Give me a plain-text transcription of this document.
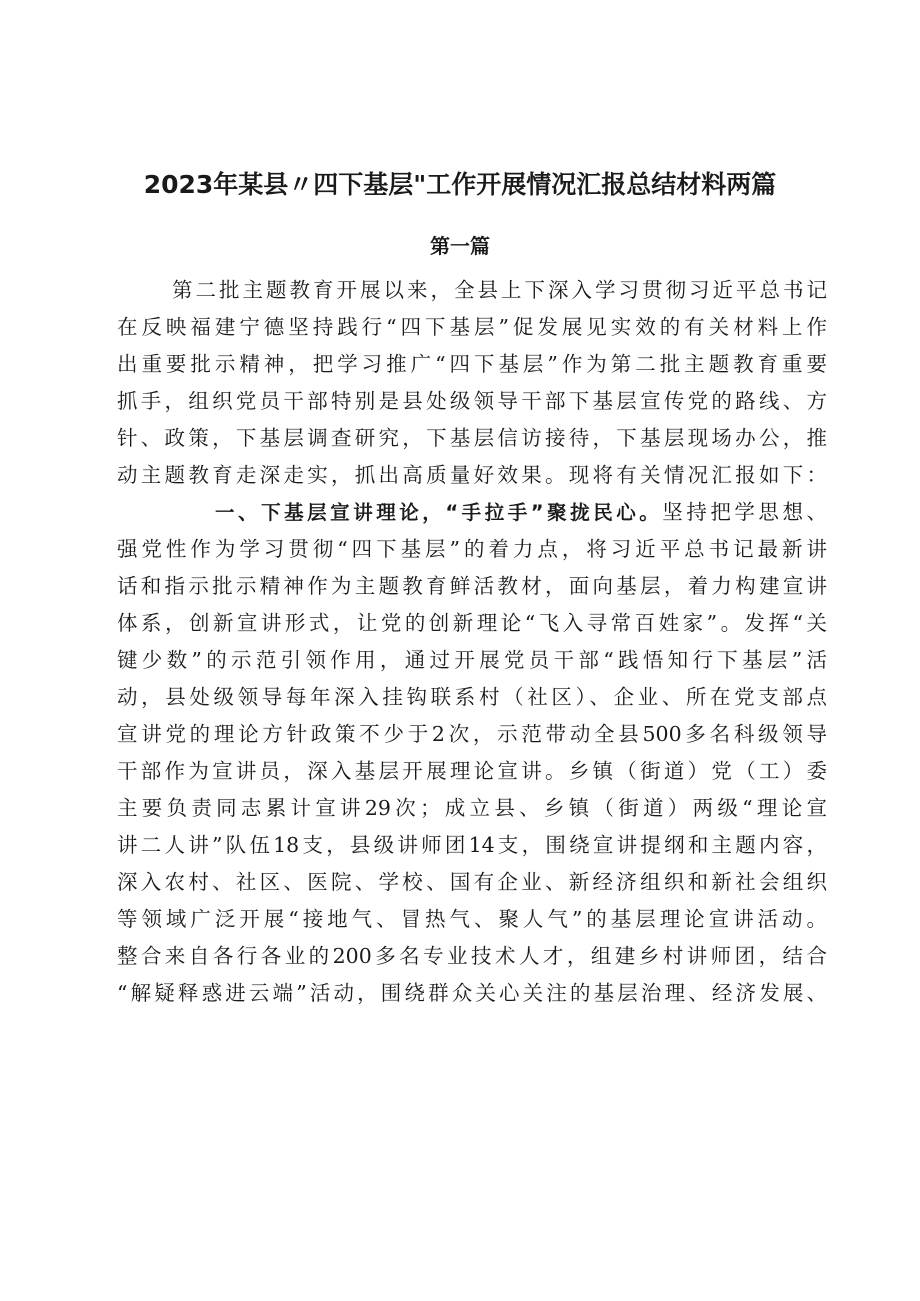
2023年某县〃四下基层"工作开展情况汇报总结材料两篇
第一篇
第二批主题教育开展以来，全县上下深入学习贯彻习近平总书记
在反映福建宁德坚持践行“四下基层”促发展见实效的有关材料上作
出重要批示精神，把学习推广“四下基层”作为第二批主题教育重要
抓手，组织党员干部特别是县处级领导干部下基层宣传党的路线、方
针、政策，下基层调查研究，下基层信访接待，下基层现场办公，推
动主题教育走深走实，抓出高质量好效果。现将有关情况汇报如下：
一、下基层宣讲理论，“手拉手”聚拢民心。坚持把学思想、
强党性作为学习贯彻“四下基层”的着力点，将习近平总书记最新讲
话和指示批示精神作为主题教育鲜活教材，面向基层，着力构建宣讲
体系，创新宣讲形式，让党的创新理论“飞入寻常百姓家”。发挥“关
键少数”的示范引领作用，通过开展党员干部“践悟知行下基层”活
动，县处级领导每年深入挂钩联系村（社区）、企业、所在党支部点
宣讲党的理论方针政策不少于2次，示范带动全县500多名科级领导
干部作为宣讲员，深入基层开展理论宣讲。乡镇（街道）党（工）委
主要负责同志累计宣讲29次；成立县、乡镇（街道）两级“理论宣
讲二人讲”队伍18支，县级讲师团14支，围绕宣讲提纲和主题内容，
深入农村、社区、医院、学校、国有企业、新经济组织和新社会组织
等领域广泛开展“接地气、冒热气、聚人气”的基层理论宣讲活动。
整合来自各行各业的200多名专业技术人才，组建乡村讲师团，结合
“解疑释惑进云端”活动，围绕群众关心关注的基层治理、经济发展、
